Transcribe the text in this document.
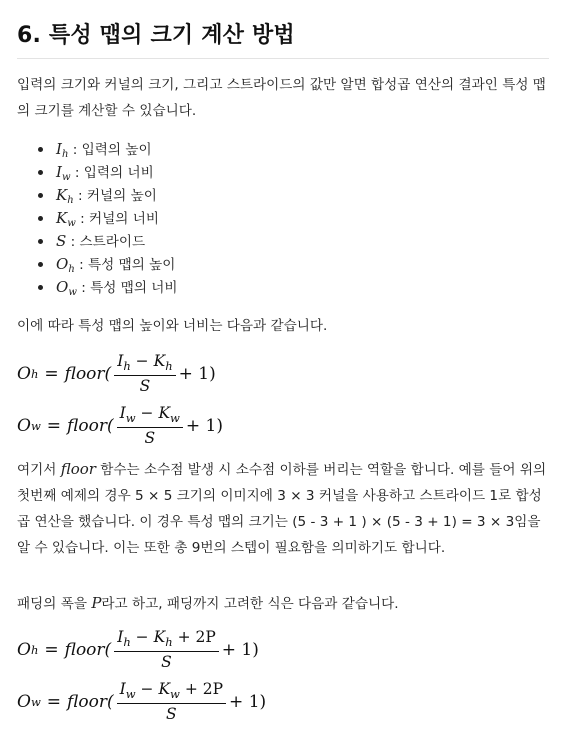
6. 특성 맵의 크기 계산 방법

입력의 크기와 커널의 크기, 그리고 스트라이드의 값만 알면 합성곱 연산의 결과인 특성 맵의 크기를 계산할 수 있습니다.

$I_h$ : 입력의 높이
$I_w$ : 입력의 너비
$K_h$ : 커널의 높이
$K_w$ : 커널의 너비
S : 스트라이드
$O_h$ : 특성 맵의 높이
$O_w$ : 특성 맵의 너비

이에 따라 특성 맵의 높이와 너비는 다음과 같습니다.

O h = floor( $\frac{I_h - K_h}{S} + 1$)
O w = floor( $\frac{I_w - K_w}{S} + 1$)

여기서 floor 함수는 소수점 발생 시 소수점 이하를 버리는 역할을 합니다. 예를 들어 위의 첫번째 예제의 경우 5 × 5 크기의 이미지에 3 × 3 커널을 사용하고 스트라이드 1로 합성곱 연산을 했습니다. 이 경우 특성 맵의 크기는 (5 - 3 + 1 ) × (5 - 3 + 1) = 3 × 3임을 알 수 있습니다. 이는 또한 총 9번의 스텝이 필요함을 의미하기도 합니다.

패딩의 폭을 P라고 하고, 패딩까지 고려한 식은 다음과 같습니다.

O h = floor( $\frac{I_h - K_h + 2P}{S} + 1$)
O w = floor( $\frac{I_w - K_w + 2P}{S} + 1$)
